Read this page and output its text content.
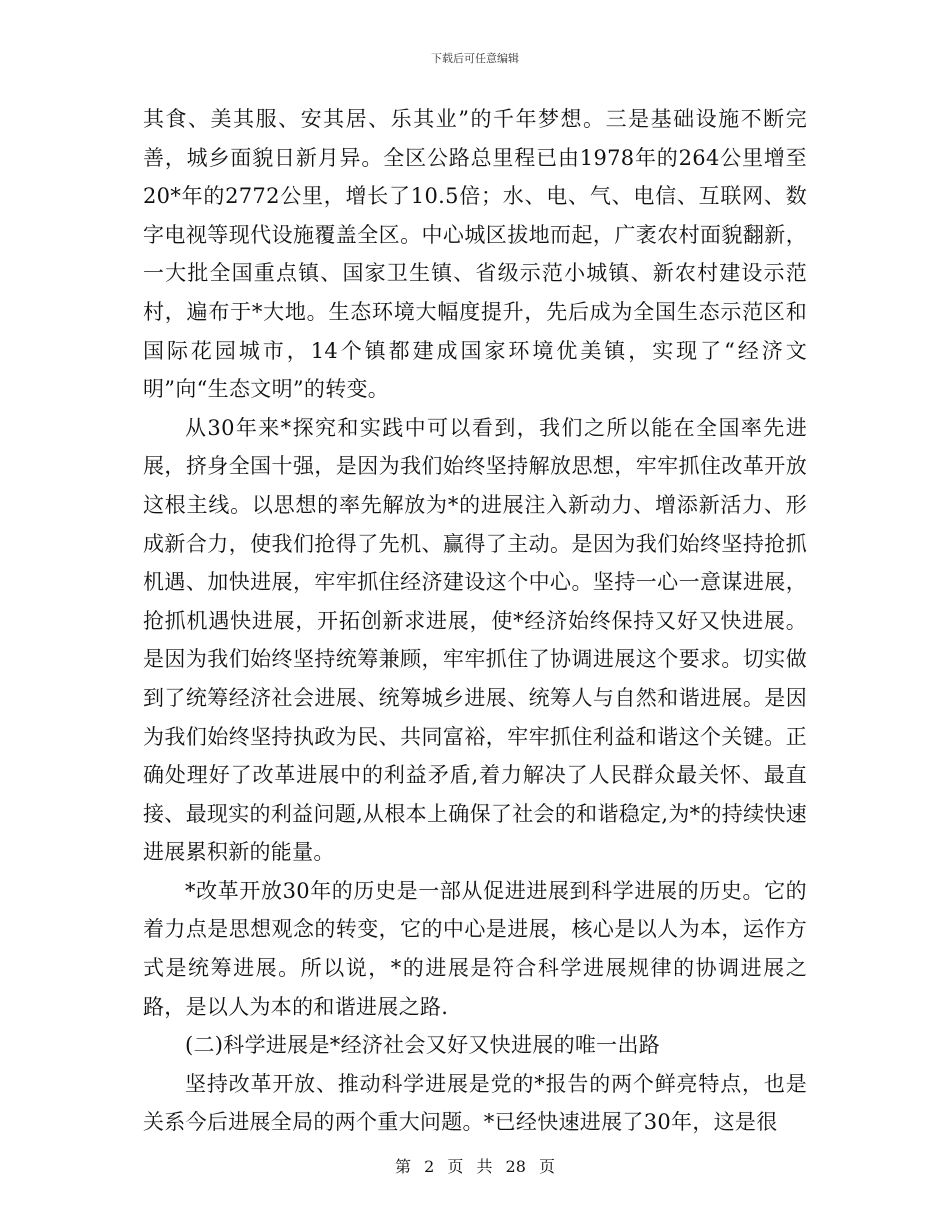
下载后可任意编辑

其食、美其服、安其居、乐其业”的千年梦想。三是基础设施不断完善，城乡面貌日新月异。全区公路总里程已由1978年的264公里增至20*年的2772公里，增长了10.5倍；水、电、气、电信、互联网、数字电视等现代设施覆盖全区。中心城区拔地而起，广袤农村面貌翻新，一大批全国重点镇、国家卫生镇、省级示范小城镇、新农村建设示范村，遍布于*大地。生态环境大幅度提升，先后成为全国生态示范区和国际花园城市，14个镇都建成国家环境优美镇，实现了“经济文明”向“生态文明”的转变。

从30年来*探究和实践中可以看到，我们之所以能在全国率先进展，挤身全国十强，是因为我们始终坚持解放思想，牢牢抓住改革开放这根主线。以思想的率先解放为*的进展注入新动力、增添新活力、形成新合力，使我们抢得了先机、赢得了主动。是因为我们始终坚持抢抓机遇、加快进展，牢牢抓住经济建设这个中心。坚持一心一意谋进展，抢抓机遇快进展，开拓创新求进展，使*经济始终保持又好又快进展。是因为我们始终坚持统筹兼顾，牢牢抓住了协调进展这个要求。切实做到了统筹经济社会进展、统筹城乡进展、统筹人与自然和谐进展。是因为我们始终坚持执政为民、共同富裕，牢牢抓住利益和谐这个关键。正确处理好了改革进展中的利益矛盾,着力解决了人民群众最关怀、最直接、最现实的利益问题,从根本上确保了社会的和谐稳定,为*的持续快速进展累积新的能量。

*改革开放30年的历史是一部从促进进展到科学进展的历史。它的着力点是思想观念的转变，它的中心是进展，核心是以人为本，运作方式是统筹进展。所以说，*的进展是符合科学进展规律的协调进展之路，是以人为本的和谐进展之路.

(二)科学进展是*经济社会又好又快进展的唯一出路

坚持改革开放、推动科学进展是党的*报告的两个鲜亮特点，也是关系今后进展全局的两个重大问题。*已经快速进展了30年，这是很

第 2 页 共 28 页
